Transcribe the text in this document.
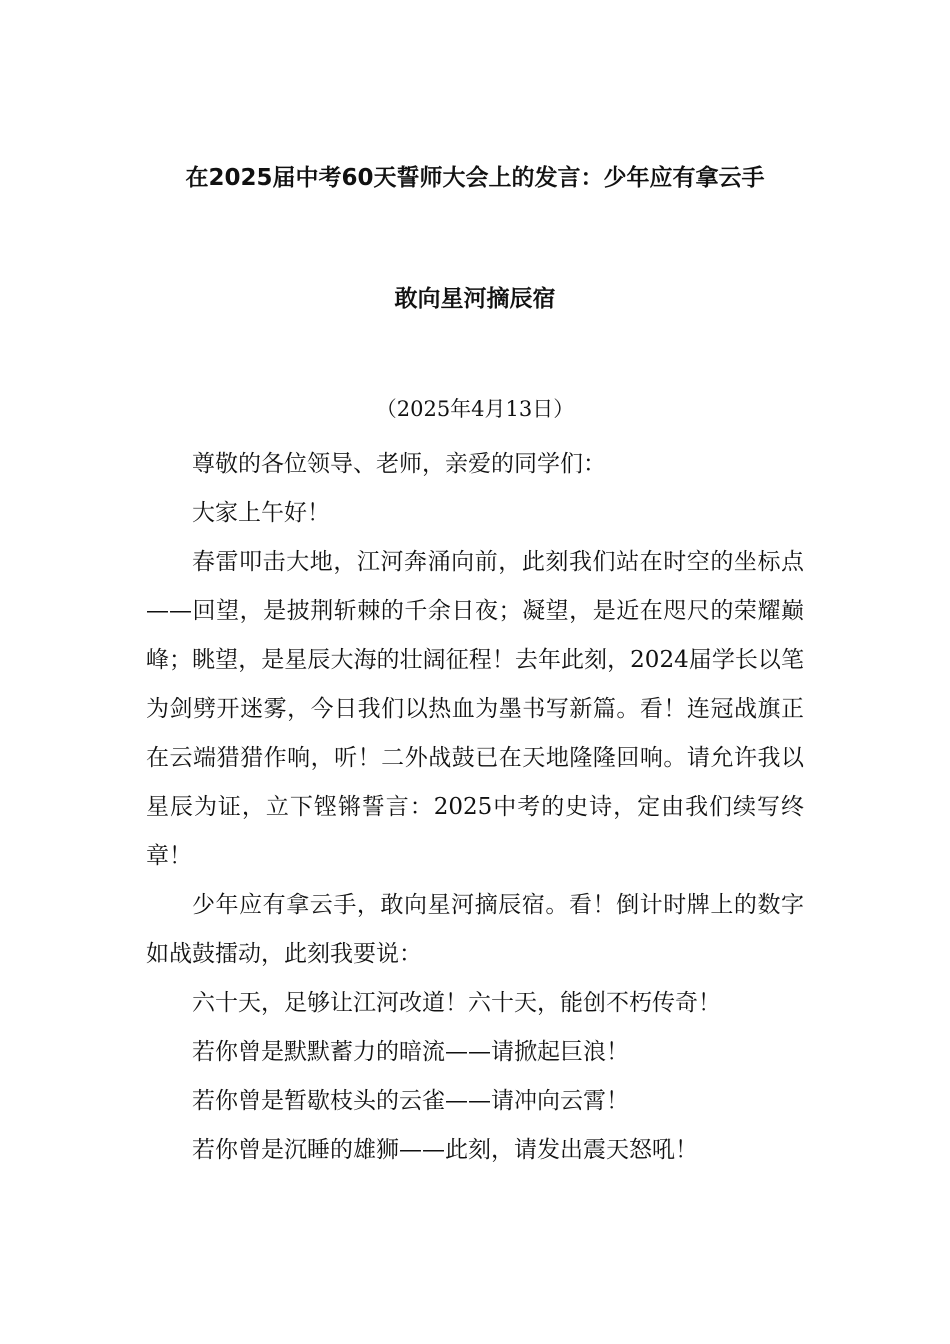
在2025届中考60天誓师大会上的发言：少年应有拿云手
敢向星河摘辰宿
（2025年4月13日）

尊敬的各位领导、老师，亲爱的同学们：

大家上午好！

春雷叩击大地，江河奔涌向前，此刻我们站在时空的坐标点——回望，是披荆斩棘的千余日夜；凝望，是近在咫尺的荣耀巅峰；眺望，是星辰大海的壮阔征程！去年此刻，2024届学长以笔为剑劈开迷雾，今日我们以热血为墨书写新篇。看！连冠战旗正在云端猎猎作响，听！二外战鼓已在天地隆隆回响。请允许我以星辰为证，立下铿锵誓言：2025中考的史诗，定由我们续写终章！

少年应有拿云手，敢向星河摘辰宿。看！倒计时牌上的数字如战鼓擂动，此刻我要说：

六十天，足够让江河改道！六十天，能创不朽传奇！

若你曾是默默蓄力的暗流——请掀起巨浪！

若你曾是暂歇枝头的云雀——请冲向云霄！

若你曾是沉睡的雄狮——此刻，请发出震天怒吼！
